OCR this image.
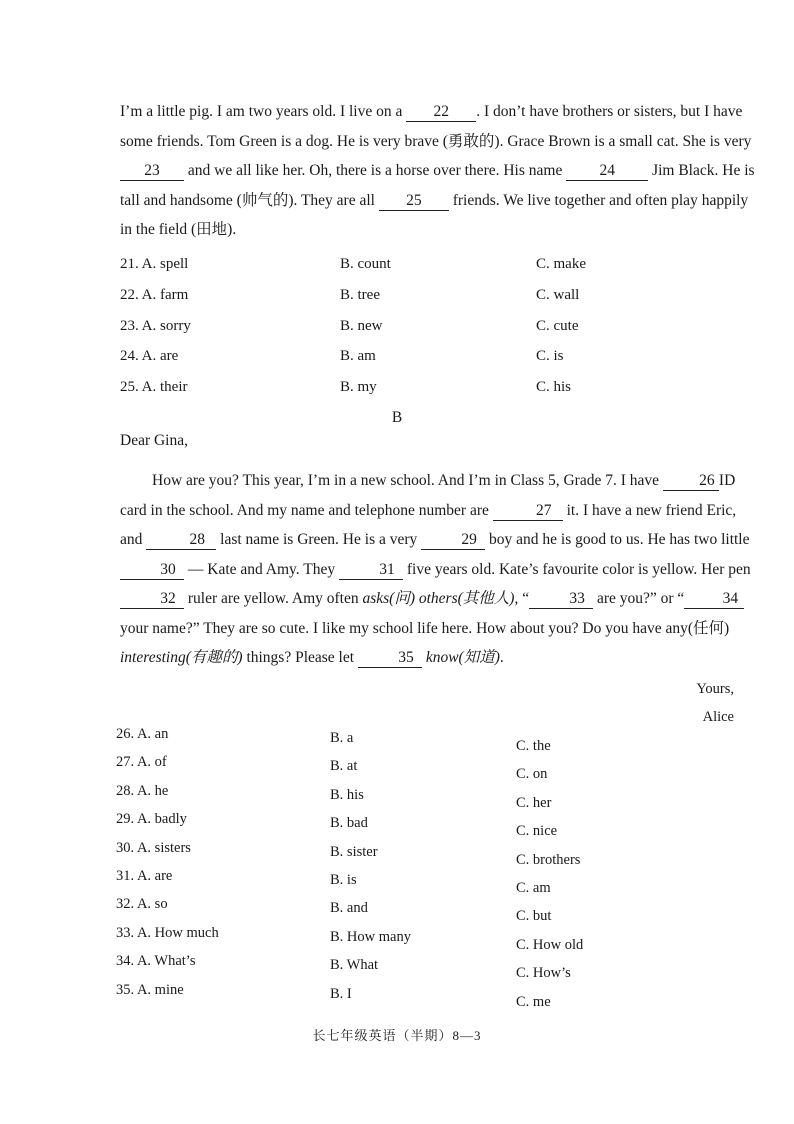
I’m a little pig. I am two years old. I live on a 22 . I don’t have brothers or sisters, but I have some friends. Tom Green is a dog. He is very brave (勇敢的). Grace Brown is a small cat. She is very 23 and we all like her. Oh, there is a horse over there. His name 24 Jim Black. He is tall and handsome (帅气的). They are all 25 friends. We live together and often play happily in the field (田地).

21. A. spell	B. count	C. make
22. A. farm	B. tree	C. wall
23. A. sorry	B. new	C. cute
24. A. are	B. am	C. is
25. A. their	B. my	C. his
B
Dear Gina,

How are you? This year, I’m in a new school. And I’m in Class 5, Grade 7. I have	26 ID card in the school. And my name and telephone number are	27 it. I have a new friend Eric, and	28 last name is Green. He is a very	29 boy and he is good to us. He has two little 30 — Kate and Amy. They	31 five years old. Kate’s favourite color is yellow. Her pen 32 ruler are yellow. Amy often asks(问) others(其他人), “	33 are you?” or “ 34 your name?” They are so cute. I like my school life here. How about you? Do you have any(任何) interesting(有趣的) things? Please let	35 know(知道).

Yours,
Alice
26. A. an	B. a	C. the
27. A. of	B. at	C. on
28. A. he	B. his	C. her
29. A. badly	B. bad	C. nice
30. A. sisters	B. sister	C. brothers
31. A. are	B. is	C. am
32. A. so	B. and	C. but
33. A. How much	B. How many	C. How old
34. A. What’s	B. What	C. How’s
35. A. mine	B. I	C. me
长七年级英语（半期）8—3
